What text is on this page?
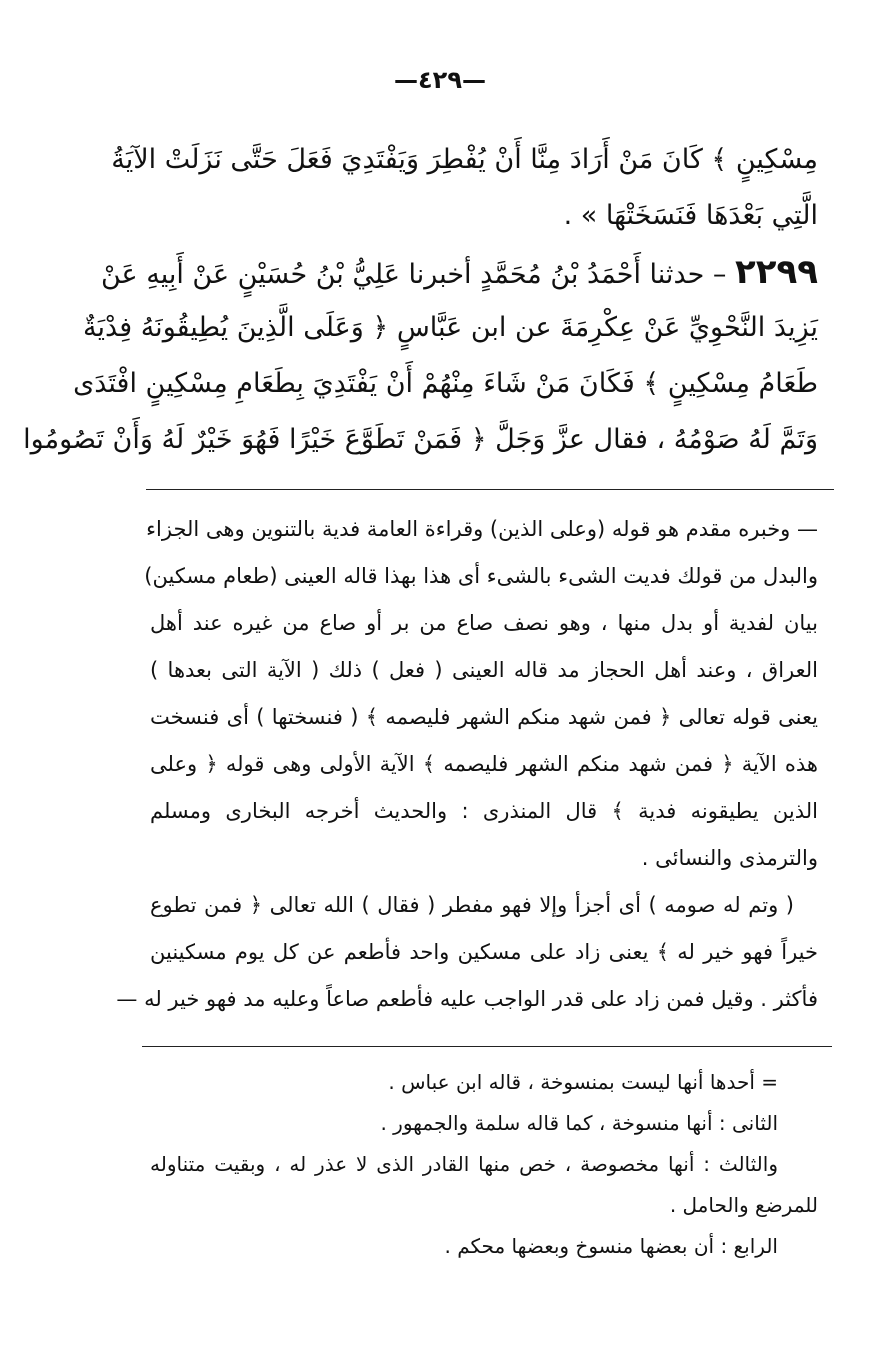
—٤٢٩—
مِسْكِينٍ ﴾ كَانَ مَنْ أَرَادَ مِنَّا أَنْ يُفْطِرَ وَيَفْتَدِيَ فَعَلَ حَتَّى نَزَلَتْ الآيَةُ
الَّتِي بَعْدَهَا فَنَسَخَتْهَا » .
٢٢٩٩ – حدثنا أَحْمَدُ بْنُ مُحَمَّدٍ أخبرنا عَلِيُّ بْنُ حُسَيْنٍ عَنْ أَبِيهِ عَنْ
يَزِيدَ النَّحْوِيِّ عَنْ عِكْرِمَةَ عن ابن عَبَّاسٍ ﴿ وَعَلَى الَّذِينَ يُطِيقُونَهُ فِدْيَةٌ
طَعَامُ مِسْكِينٍ ﴾ فَكَانَ مَنْ شَاءَ مِنْهُمْ أَنْ يَفْتَدِيَ بِطَعَامِ مِسْكِينٍ افْتَدَى
وَتَمَّ لَهُ صَوْمُهُ ، فقال عزَّ وَجَلَّ ﴿ فَمَنْ تَطَوَّعَ خَيْرًا فَهُوَ خَيْرٌ لَهُ وَأَنْ تَصُومُوا
— وخبره مقدم هو قوله (وعلى الذين) وقراءة العامة فدية بالتنوين وهى الجزاء
والبدل من قولك فديت الشىء بالشىء أى هذا بهذا قاله العينى (طعام مسكين)
بيان لفدية أو بدل منها ، وهو نصف صاع من بر أو صاع من غيره عند أهل
العراق ، وعند أهل الحجاز مد قاله العينى ( فعل ) ذلك ( الآية التى بعدها )
يعنى قوله تعالى ﴿ فمن شهد منكم الشهر فليصمه ﴾ ( فنسختها ) أى فنسخت
هذه الآية ﴿ فمن شهد منكم الشهر فليصمه ﴾ الآية الأولى وهى قوله ﴿ وعلى
الذين يطيقونه فدية ﴾ قال المنذرى : والحديث أخرجه البخارى ومسلم
والترمذى والنسائى .
( وتم له صومه ) أى أجزأ وإلا فهو مفطر ( فقال ) الله تعالى ﴿ فمن تطوع
خيراً فهو خير له ﴾ يعنى زاد على مسكين واحد فأطعم عن كل يوم مسكينين
فأكثر . وقيل فمن زاد على قدر الواجب عليه فأطعم صاعاً وعليه مد فهو خير له —
= أحدها أنها ليست بمنسوخة ، قاله ابن عباس .
الثانى : أنها منسوخة ، كما قاله سلمة والجمهور .
والثالث : أنها مخصوصة ، خص منها القادر الذى لا عذر له ، وبقيت متناوله
للمرضع والحامل .
الرابع : أن بعضها منسوخ وبعضها محكم .
